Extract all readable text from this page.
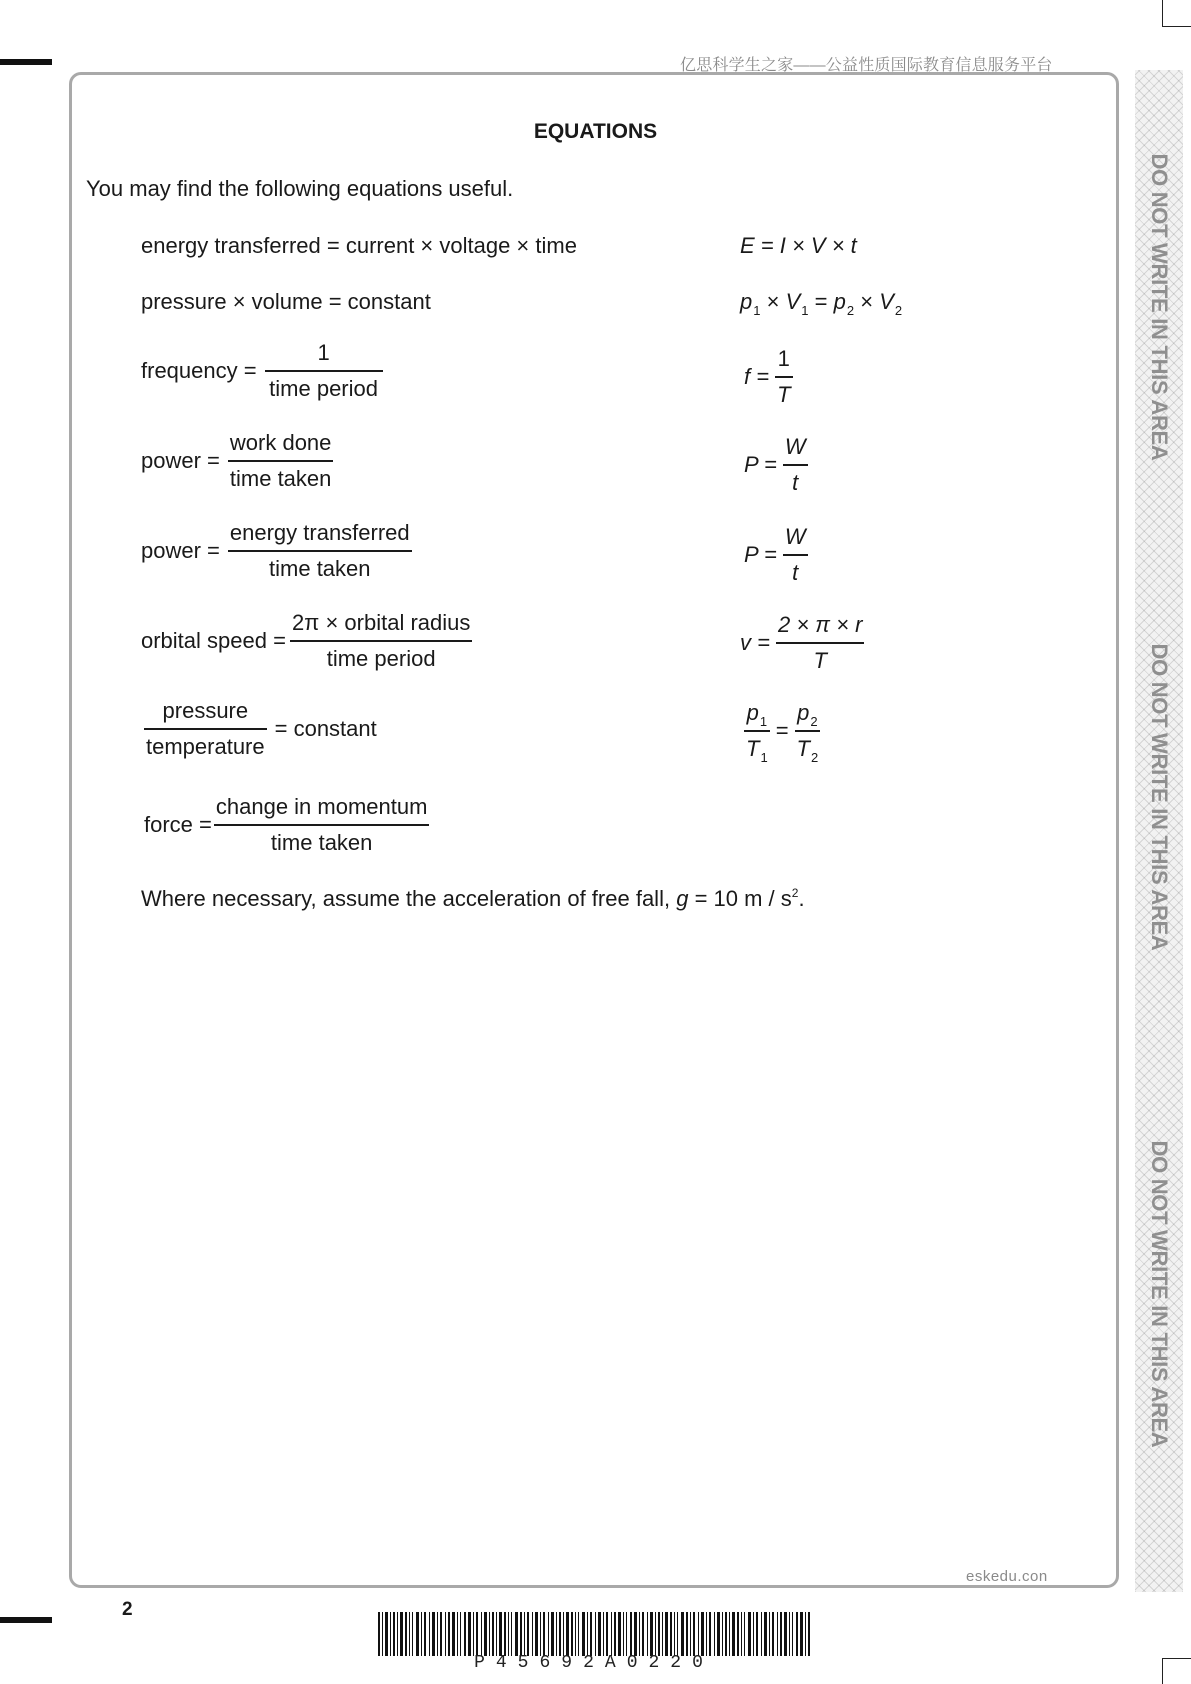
亿思科学生之家——公益性质国际教育信息服务平台
DO NOT WRITE IN THIS AREA
DO NOT WRITE IN THIS AREA
DO NOT WRITE IN THIS AREA
EQUATIONS
You may find the following equations useful.
energy transferred = current × voltage × time	E = I × V × t
pressure × volume = constant	$p_1 \times V_1 = p_2 \times V_2$
frequency = $\frac{1}{\text{time period}}$	$f = \frac{1}{T}$
power = $\frac{\text{work done}}{\text{time taken}}$	$P = \frac{W}{t}$
power = $\frac{\text{energy transferred}}{\text{time taken}}$	$P = \frac{W}{t}$
orbital speed = $\frac{\text{2π × orbital radius}}{\text{time period}}$	$v = \frac{2 \times \pi \times r}{T}$
$\frac{\text{pressure}}{\text{temperature}}$ = constant	$\frac{p_1}{T_1} = \frac{p_2}{T_2}$
force = $\frac{\text{change in momentum}}{\text{time taken}}$
Where necessary, assume the acceleration of free fall, g = 10 m / $s^2$.
eskedu.con
2
P45692A0220
